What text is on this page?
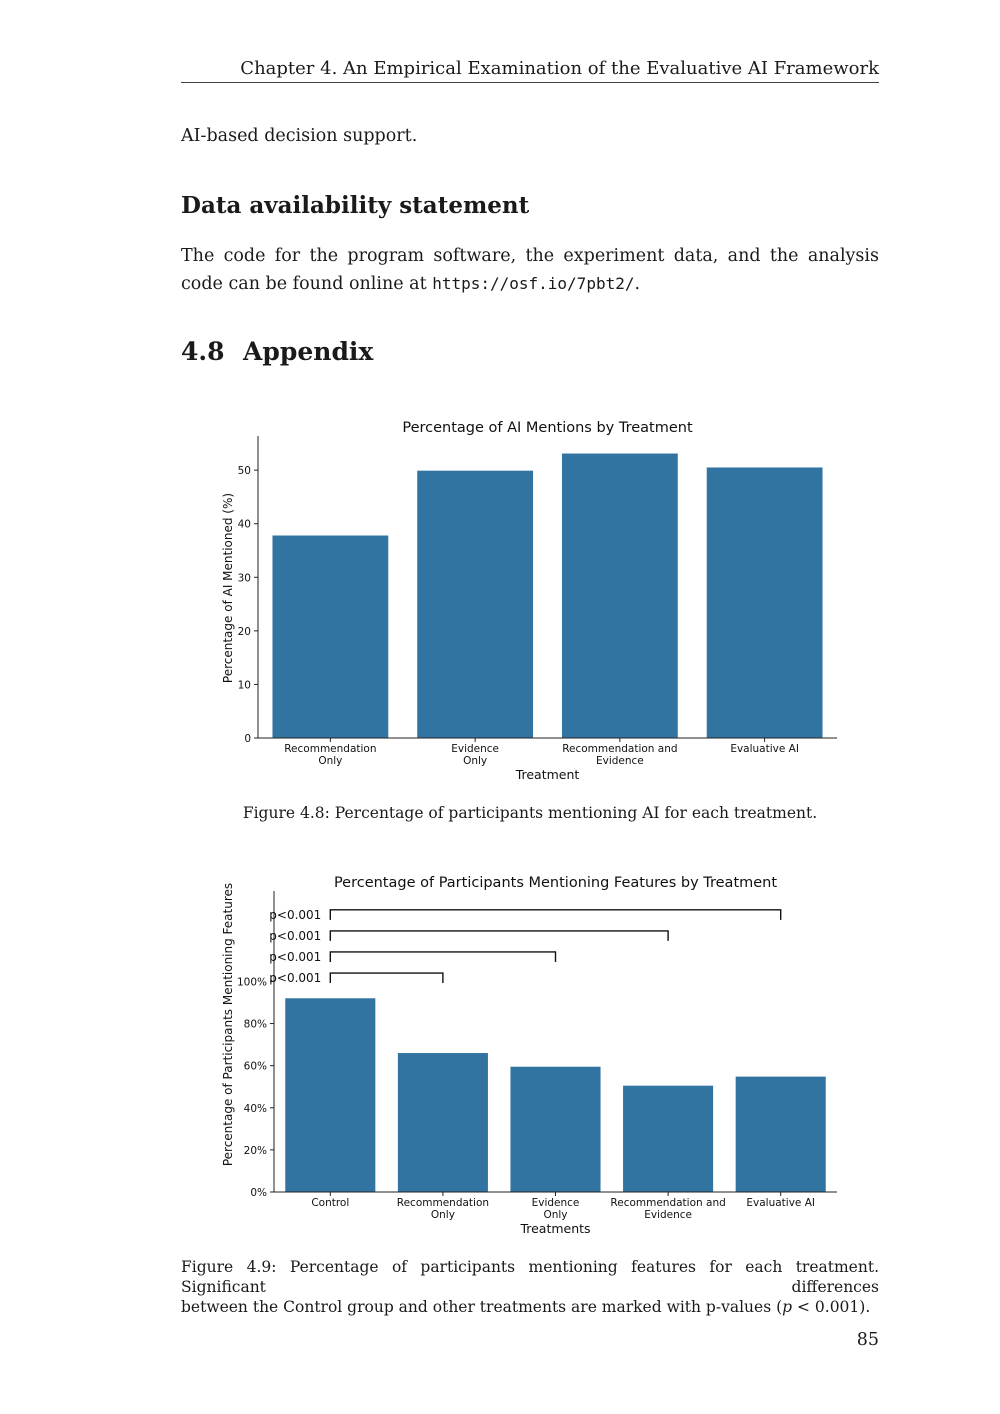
Chapter 4. An Empirical Examination of the Evaluative AI Framework
AI-based decision support.
Data availability statement
The code for the program software, the experiment data, and the analysis code can be found online at https://osf.io/7pbt2/.
4.8 Appendix
Percentage of AI Mentions by Treatment
0
10
20
30
40
50
Recommendation
Only
Evidence
Only
Recommendation and
Evidence
Evaluative AI
Treatment
Percentage of AI Mentioned (%)
Figure 4.8: Percentage of participants mentioning AI for each treatment.
Percentage of Participants Mentioning Features by Treatment
0%
20%
40%
60%
80%
100%
Control	Recommendation
Only
Evidence
Only
Recommendation and
Evidence
Evaluative AI
Treatments
Percentage of Participants Mentioning Features	p<0.001
p<0.001
p<0.001
p<0.001
Figure 4.9: Percentage of participants mentioning features for each treatment. Significant differences
between the Control group and other treatments are marked with p-values (p < 0.001).
85
